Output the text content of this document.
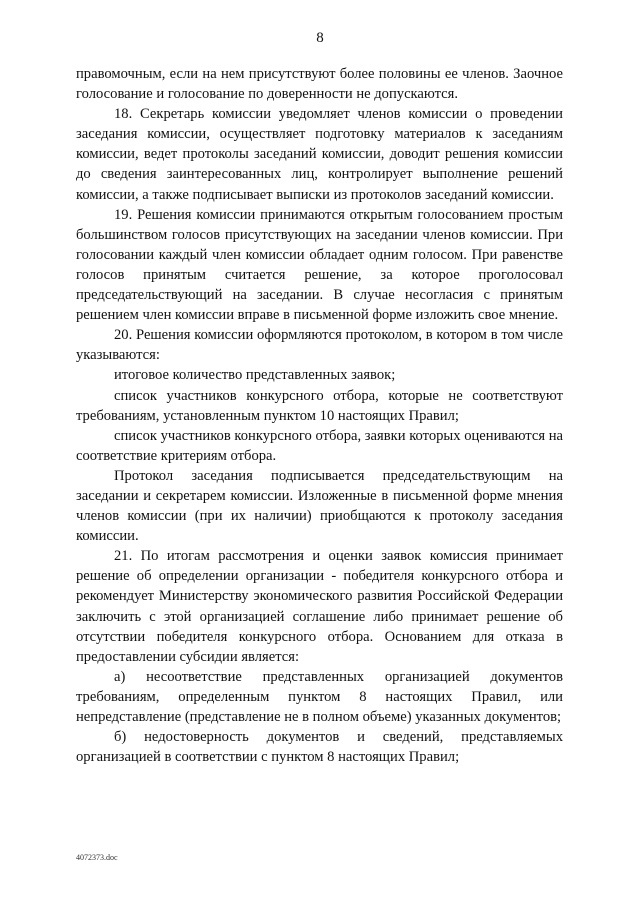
8

правомочным, если на нем присутствуют более половины ее членов. Заочное голосование и голосование по доверенности не допускаются.

18. Секретарь комиссии уведомляет членов комиссии о проведении заседания комиссии, осуществляет подготовку материалов к заседаниям комиссии, ведет протоколы заседаний комиссии, доводит решения комиссии до сведения заинтересованных лиц, контролирует выполнение решений комиссии, а также подписывает выписки из протоколов заседаний комиссии.

19. Решения комиссии принимаются открытым голосованием простым большинством голосов присутствующих на заседании членов комиссии. При голосовании каждый член комиссии обладает одним голосом. При равенстве голосов принятым считается решение, за которое проголосовал председательствующий на заседании. В случае несогласия с принятым решением член комиссии вправе в письменной форме изложить свое мнение.

20. Решения комиссии оформляются протоколом, в котором в том числе указываются:

итоговое количество представленных заявок;

список участников конкурсного отбора, которые не соответствуют требованиям, установленным пунктом 10 настоящих Правил;

список участников конкурсного отбора, заявки которых оцениваются на соответствие критериям отбора.

Протокол заседания подписывается председательствующим на заседании и секретарем комиссии. Изложенные в письменной форме мнения членов комиссии (при их наличии) приобщаются к протоколу заседания комиссии.

21. По итогам рассмотрения и оценки заявок комиссия принимает решение об определении организации - победителя конкурсного отбора и рекомендует Министерству экономического развития Российской Федерации заключить с этой организацией соглашение либо принимает решение об отсутствии победителя конкурсного отбора. Основанием для отказа в предоставлении субсидии является:

а) несоответствие представленных организацией документов требованиям, определенным пунктом 8 настоящих Правил, или непредставление (представление не в полном объеме) указанных документов;

б) недостоверность документов и сведений, представляемых организацией в соответствии с пунктом 8 настоящих Правил;

4072373.doc
